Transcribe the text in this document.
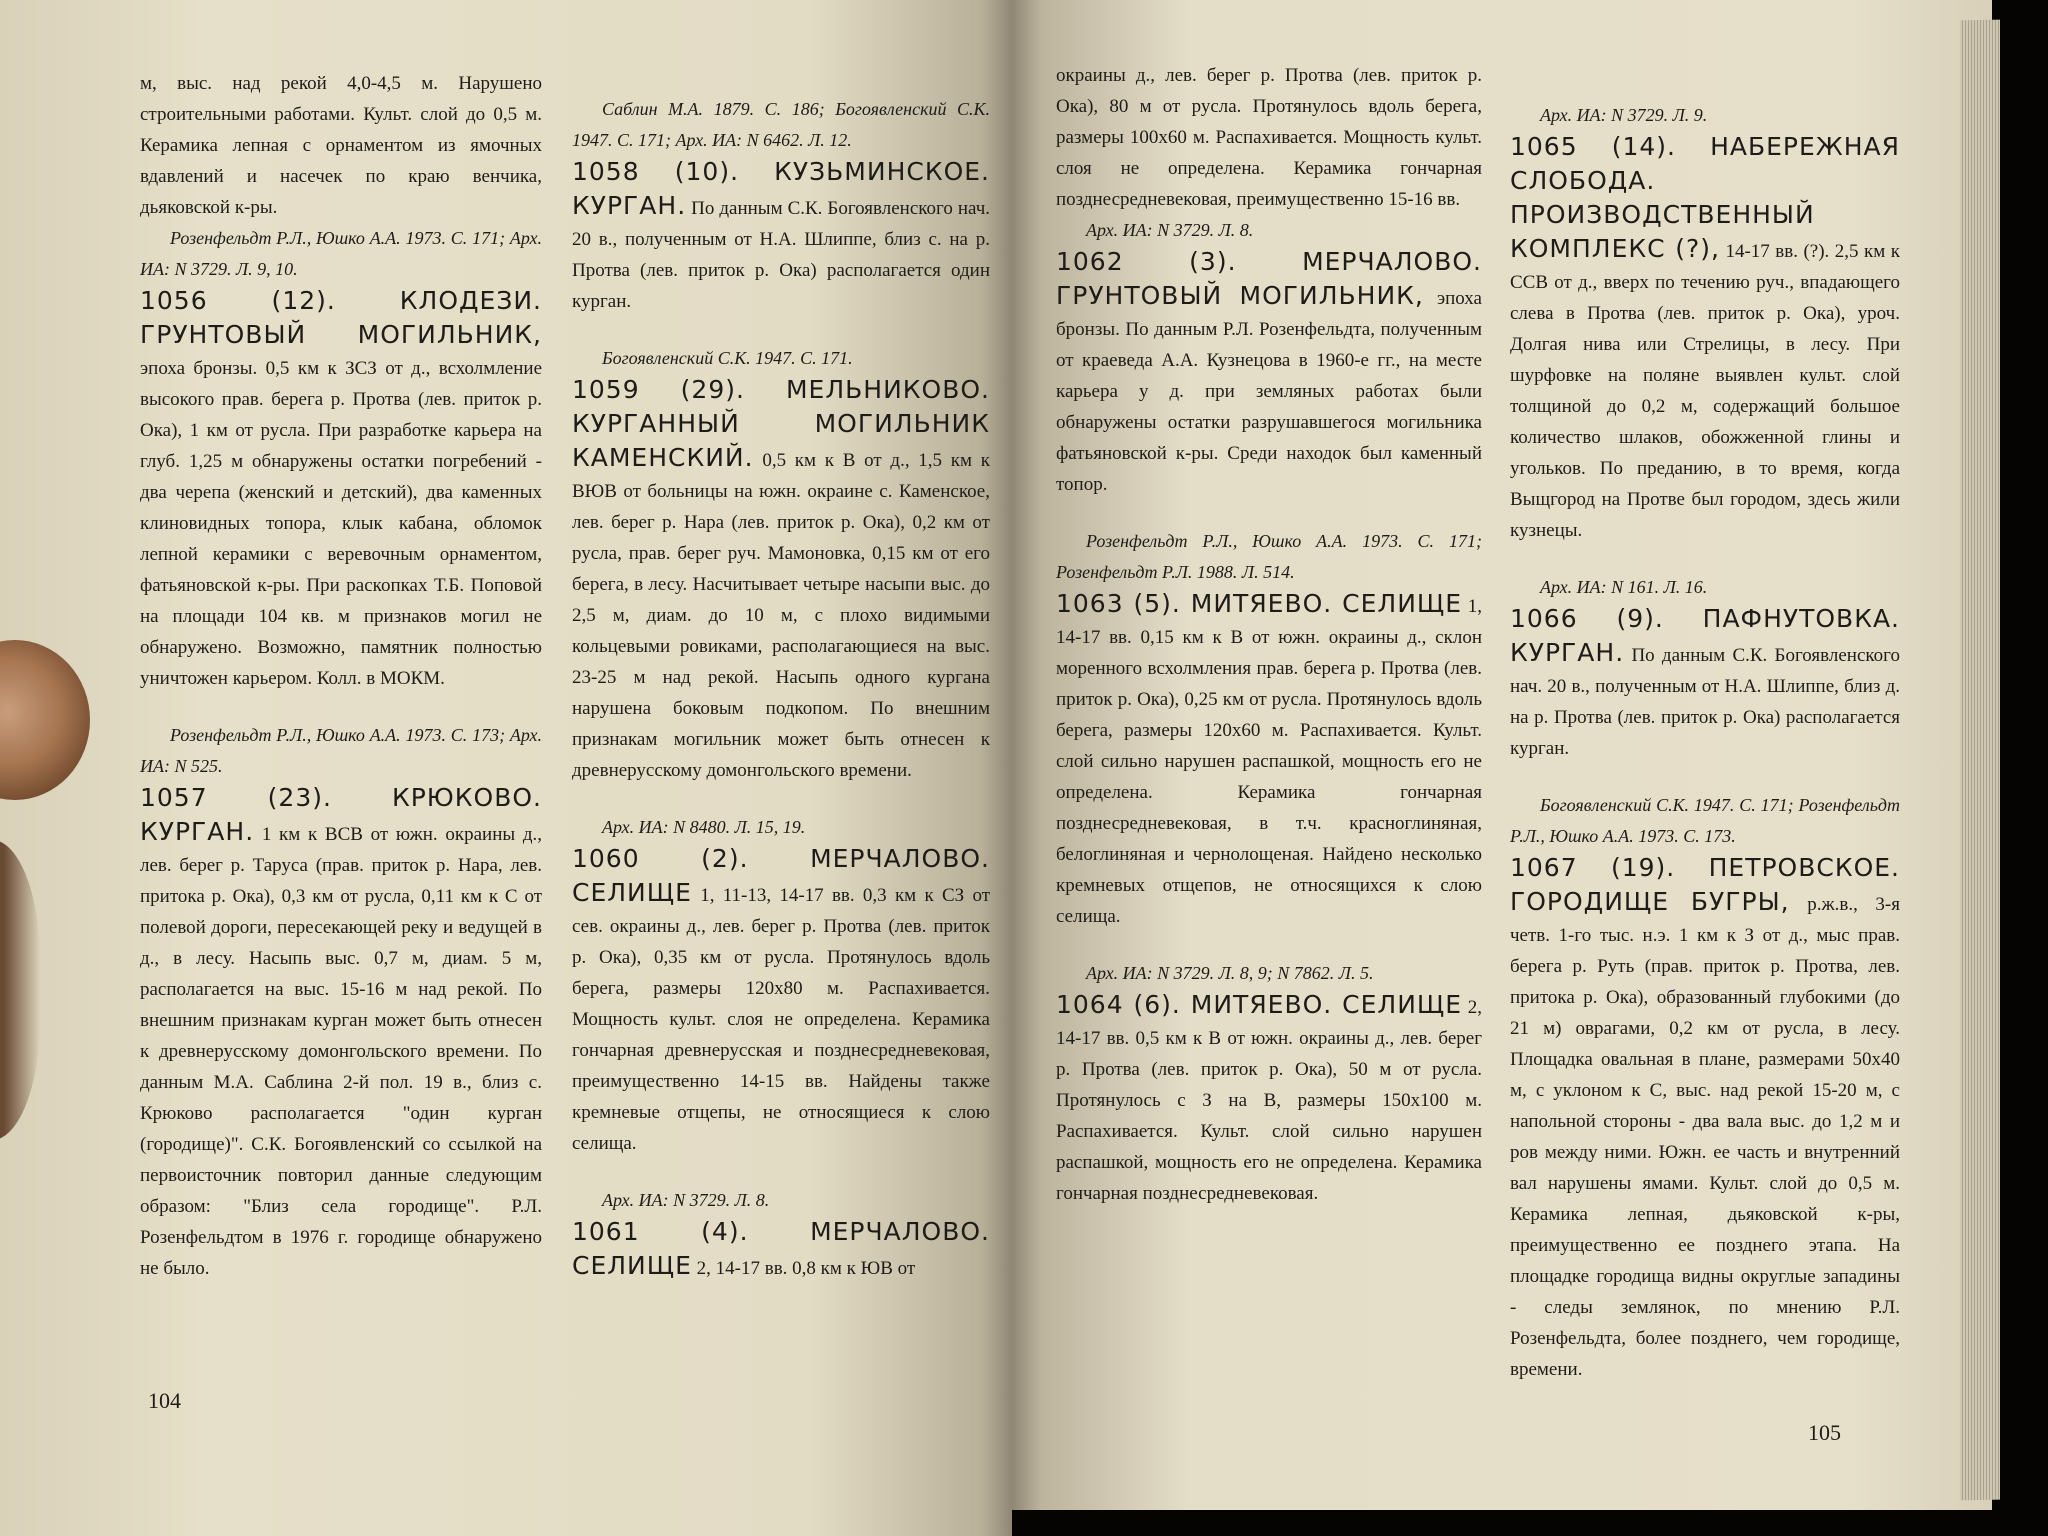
м, выс. над рекой 4,0-4,5 м. Нарушено строительными работами. Культ. слой до 0,5 м. Керамика лепная с орнаментом из ямочных вдавлений и насечек по краю венчика, дьяковской к-ры.

Розенфельдт Р.Л., Юшко А.А. 1973. С. 171; Арх. ИА: N 3729. Л. 9, 10.

1056 (12). КЛОДЕЗИ. ГРУНТОВЫЙ МОГИЛЬНИК, эпоха бронзы. 0,5 км к ЗСЗ от д., всхолмление высокого прав. берега р. Протва (лев. приток р. Ока), 1 км от русла. При разработке карьера на глуб. 1,25 м обнаружены остатки погребений - два черепа (женский и детский), два каменных клиновидных топора, клык кабана, обломок лепной керамики с веревочным орнаментом, фатьяновской к-ры. При раскопках Т.Б. Поповой на площади 104 кв. м признаков могил не обнаружено. Возможно, памятник полностью уничтожен карьером. Колл. в МОКМ.

Розенфельдт Р.Л., Юшко А.А. 1973. С. 173; Арх. ИА: N 525.

1057 (23). КРЮКОВО. КУРГАН. 1 км к ВСВ от южн. окраины д., лев. берег р. Таруса (прав. приток р. Нара, лев. притока р. Ока), 0,3 км от русла, 0,11 км к С от полевой дороги, пересекающей реку и ведущей в д., в лесу. Насыпь выс. 0,7 м, диам. 5 м, располагается на выс. 15-16 м над рекой. По внешним признакам курган может быть отнесен к древнерусскому домонгольского времени. По данным М.А. Саблина 2-й пол. 19 в., близ с. Крюково располагается "один курган (городище)". С.К. Богоявленский со ссылкой на первоисточник повторил данные следующим образом: "Близ села городище". Р.Л. Розенфельдтом в 1976 г. городище обнаружено не было.

Саблин М.А. 1879. С. 186; Богоявленский С.К. 1947. С. 171; Арх. ИА: N 6462. Л. 12.

1058 (10). КУЗЬМИНСКОЕ. КУРГАН. По данным С.К. Богоявленского нач. 20 в., полученным от Н.А. Шлиппе, близ с. на р. Протва (лев. приток р. Ока) располагается один курган.

Богоявленский С.К. 1947. С. 171.

1059 (29). МЕЛЬНИКОВО. КУРГАННЫЙ МОГИЛЬНИК КАМЕНСКИЙ. 0,5 км к В от д., 1,5 км к ВЮВ от больницы на южн. окраине с. Каменское, лев. берег р. Нара (лев. приток р. Ока), 0,2 км от русла, прав. берег руч. Мамоновка, 0,15 км от его берега, в лесу. Насчитывает четыре насыпи выс. до 2,5 м, диам. до 10 м, с плохо видимыми кольцевыми ровиками, располагающиеся на выс. 23-25 м над рекой. Насыпь одного кургана нарушена боковым подкопом. По внешним признакам могильник может быть отнесен к древнерусскому домонгольского времени.

Арх. ИА: N 8480. Л. 15, 19.

1060 (2). МЕРЧАЛОВО. СЕЛИЩЕ 1, 11-13, 14-17 вв. 0,3 км к СЗ от сев. окраины д., лев. берег р. Протва (лев. приток р. Ока), 0,35 км от русла. Протянулось вдоль берега, размеры 120х80 м. Распахивается. Мощность культ. слоя не определена. Керамика гончарная древнерусская и позднесредневековая, преимущественно 14-15 вв. Найдены также кремневые отщепы, не относящиеся к слою селища.

Арх. ИА: N 3729. Л. 8.

1061 (4). МЕРЧАЛОВО. СЕЛИЩЕ 2, 14-17 вв. 0,8 км к ЮВ от
104

окраины д., лев. берег р. Протва (лев. приток р. Ока), 80 м от русла. Протянулось вдоль берега, размеры 100х60 м. Распахивается. Мощность культ. слоя не определена. Керамика гончарная позднесредневековая, преимущественно 15-16 вв.

Арх. ИА: N 3729. Л. 8.

1062 (3). МЕРЧАЛОВО. ГРУНТОВЫЙ МОГИЛЬНИК, эпоха бронзы. По данным Р.Л. Розенфельдта, полученным от краеведа А.А. Кузнецова в 1960-е гг., на месте карьера у д. при земляных работах были обнаружены остатки разрушавшегося могильника фатьяновской к-ры. Среди находок был каменный топор.

Розенфельдт Р.Л., Юшко А.А. 1973. С. 171; Розенфельдт Р.Л. 1988. Л. 514.

1063 (5). МИТЯЕВО. СЕЛИЩЕ 1, 14-17 вв. 0,15 км к В от южн. окраины д., склон моренного всхолмления прав. берега р. Протва (лев. приток р. Ока), 0,25 км от русла. Протянулось вдоль берега, размеры 120х60 м. Распахивается. Культ. слой сильно нарушен распашкой, мощность его не определена. Керамика гончарная позднесредневековая, в т.ч. красноглиняная, белоглиняная и чернолощеная. Найдено несколько кремневых отщепов, не относящихся к слою селища.

Арх. ИА: N 3729. Л. 8, 9; N 7862. Л. 5.

1064 (6). МИТЯЕВО. СЕЛИЩЕ 2, 14-17 вв. 0,5 км к В от южн. окраины д., лев. берег р. Протва (лев. приток р. Ока), 50 м от русла. Протянулось с З на В, размеры 150х100 м. Распахивается. Культ. слой сильно нарушен распашкой, мощность его не определена. Керамика гончарная позднесредневековая.

Арх. ИА: N 3729. Л. 9.

1065 (14). НАБЕРЕЖНАЯ СЛОБОДА. ПРОИЗВОДСТВЕННЫЙ КОМПЛЕКС (?), 14-17 вв. (?). 2,5 км к ССВ от д., вверх по течению руч., впадающего слева в Протва (лев. приток р. Ока), уроч. Долгая нива или Стрелицы, в лесу. При шурфовке на поляне выявлен культ. слой толщиной до 0,2 м, содержащий большое количество шлаков, обожженной глины и угольков. По преданию, в то время, когда Выщгород на Протве был городом, здесь жили кузнецы.

Арх. ИА: N 161. Л. 16.

1066 (9). ПАФНУТОВКА. КУРГАН. По данным С.К. Богоявленского нач. 20 в., полученным от Н.А. Шлиппе, близ д. на р. Протва (лев. приток р. Ока) располагается курган.

Богоявленский С.К. 1947. С. 171; Розенфельдт Р.Л., Юшко А.А. 1973. С. 173.

1067 (19). ПЕТРОВСКОЕ. ГОРОДИЩЕ БУГРЫ, р.ж.в., 3-я четв. 1-го тыс. н.э. 1 км к З от д., мыс прав. берега р. Руть (прав. приток р. Протва, лев. притока р. Ока), образованный глубокими (до 21 м) оврагами, 0,2 км от русла, в лесу. Площадка овальная в плане, размерами 50х40 м, с уклоном к С, выс. над рекой 15-20 м, с напольной стороны - два вала выс. до 1,2 м и ров между ними. Южн. ее часть и внутренний вал нарушены ямами. Культ. слой до 0,5 м. Керамика лепная, дьяковской к-ры, преимущественно ее позднего этапа. На площадке городища видны округлые западины - следы землянок, по мнению Р.Л. Розенфельдта, более позднего, чем городище, времени.
105
